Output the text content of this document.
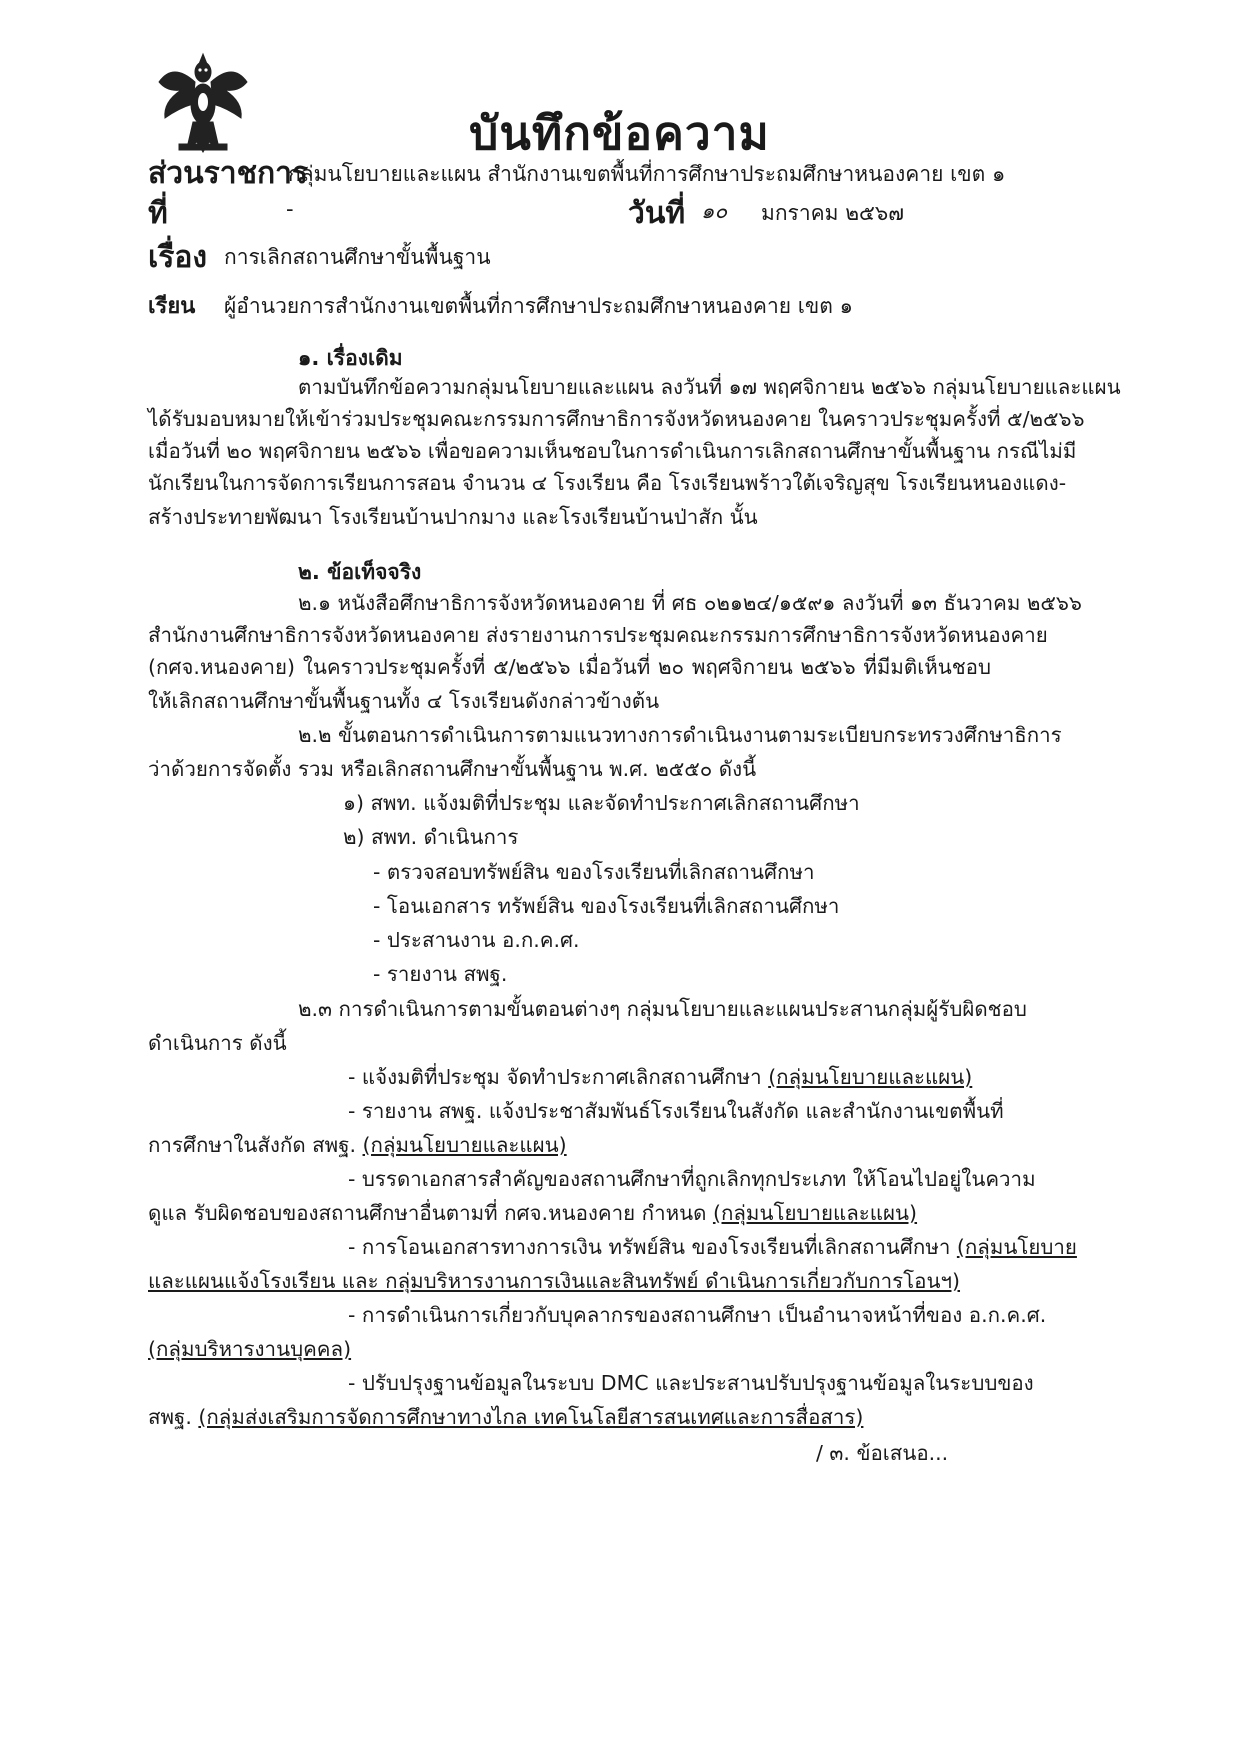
บันทึกข้อความ
ส่วนราชการ
กลุ่มนโยบายและแผน สำนักงานเขตพื้นที่การศึกษาประถมศึกษาหนองคาย เขต ๑
ที่	-	วันที่ ๑๐ มกราคม ๒๕๖๗
เรื่อง การเลิกสถานศึกษาขั้นพื้นฐาน
เรียน ผู้อำนวยการสำนักงานเขตพื้นที่การศึกษาประถมศึกษาหนองคาย เขต ๑
๑. เรื่องเดิม
ตามบันทึกข้อความกลุ่มนโยบายและแผน ลงวันที่ ๑๗ พฤศจิกายน ๒๕๖๖ กลุ่มนโยบายและแผน
ได้รับมอบหมายให้เข้าร่วมประชุมคณะกรรมการศึกษาธิการจังหวัดหนองคาย ในคราวประชุมครั้งที่ ๕/๒๕๖๖
เมื่อวันที่ ๒๐ พฤศจิกายน ๒๕๖๖ เพื่อขอความเห็นชอบในการดำเนินการเลิกสถานศึกษาขั้นพื้นฐาน กรณีไม่มี
นักเรียนในการจัดการเรียนการสอน จำนวน ๔ โรงเรียน คือ โรงเรียนพร้าวใต้เจริญสุข โรงเรียนหนองแดง-
สร้างประทายพัฒนา โรงเรียนบ้านปากมาง และโรงเรียนบ้านป่าสัก นั้น
๒. ข้อเท็จจริง
๒.๑ หนังสือศึกษาธิการจังหวัดหนองคาย ที่ ศธ ๐๒๑๒๔/๑๕๙๑ ลงวันที่ ๑๓ ธันวาคม ๒๕๖๖
สำนักงานศึกษาธิการจังหวัดหนองคาย ส่งรายงานการประชุมคณะกรรมการศึกษาธิการจังหวัดหนองคาย
(กศจ.หนองคาย) ในคราวประชุมครั้งที่ ๕/๒๕๖๖ เมื่อวันที่ ๒๐ พฤศจิกายน ๒๕๖๖ ที่มีมติเห็นชอบ
ให้เลิกสถานศึกษาขั้นพื้นฐานทั้ง ๔ โรงเรียนดังกล่าวข้างต้น
๒.๒ ขั้นตอนการดำเนินการตามแนวทางการดำเนินงานตามระเบียบกระทรวงศึกษาธิการ
ว่าด้วยการจัดตั้ง รวม หรือเลิกสถานศึกษาขั้นพื้นฐาน พ.ศ. ๒๕๕๐ ดังนี้
๑) สพท. แจ้งมติที่ประชุม และจัดทำประกาศเลิกสถานศึกษา
๒) สพท. ดำเนินการ
- ตรวจสอบทรัพย์สิน ของโรงเรียนที่เลิกสถานศึกษา
- โอนเอกสาร ทรัพย์สิน ของโรงเรียนที่เลิกสถานศึกษา
- ประสานงาน อ.ก.ค.ศ.
- รายงาน สพฐ.
๒.๓ การดำเนินการตามขั้นตอนต่างๆ กลุ่มนโยบายและแผนประสานกลุ่มผู้รับผิดชอบ
ดำเนินการ ดังนี้
- แจ้งมติที่ประชุม จัดทำประกาศเลิกสถานศึกษา (กลุ่มนโยบายและแผน)
- รายงาน สพฐ. แจ้งประชาสัมพันธ์โรงเรียนในสังกัด และสำนักงานเขตพื้นที่
การศึกษาในสังกัด สพฐ. (กลุ่มนโยบายและแผน)
- บรรดาเอกสารสำคัญของสถานศึกษาที่ถูกเลิกทุกประเภท ให้โอนไปอยู่ในความ
ดูแล รับผิดชอบของสถานศึกษาอื่นตามที่ กศจ.หนองคาย กำหนด (กลุ่มนโยบายและแผน)
- การโอนเอกสารทางการเงิน ทรัพย์สิน ของโรงเรียนที่เลิกสถานศึกษา (กลุ่มนโยบาย
และแผนแจ้งโรงเรียน และ กลุ่มบริหารงานการเงินและสินทรัพย์ ดำเนินการเกี่ยวกับการโอนฯ)
- การดำเนินการเกี่ยวกับบุคลากรของสถานศึกษา เป็นอำนาจหน้าที่ของ อ.ก.ค.ศ.
(กลุ่มบริหารงานบุคคล)
- ปรับปรุงฐานข้อมูลในระบบ DMC และประสานปรับปรุงฐานข้อมูลในระบบของ
สพฐ. (กลุ่มส่งเสริมการจัดการศึกษาทางไกล เทคโนโลยีสารสนเทศและการสื่อสาร)
/ ๓. ข้อเสนอ...
